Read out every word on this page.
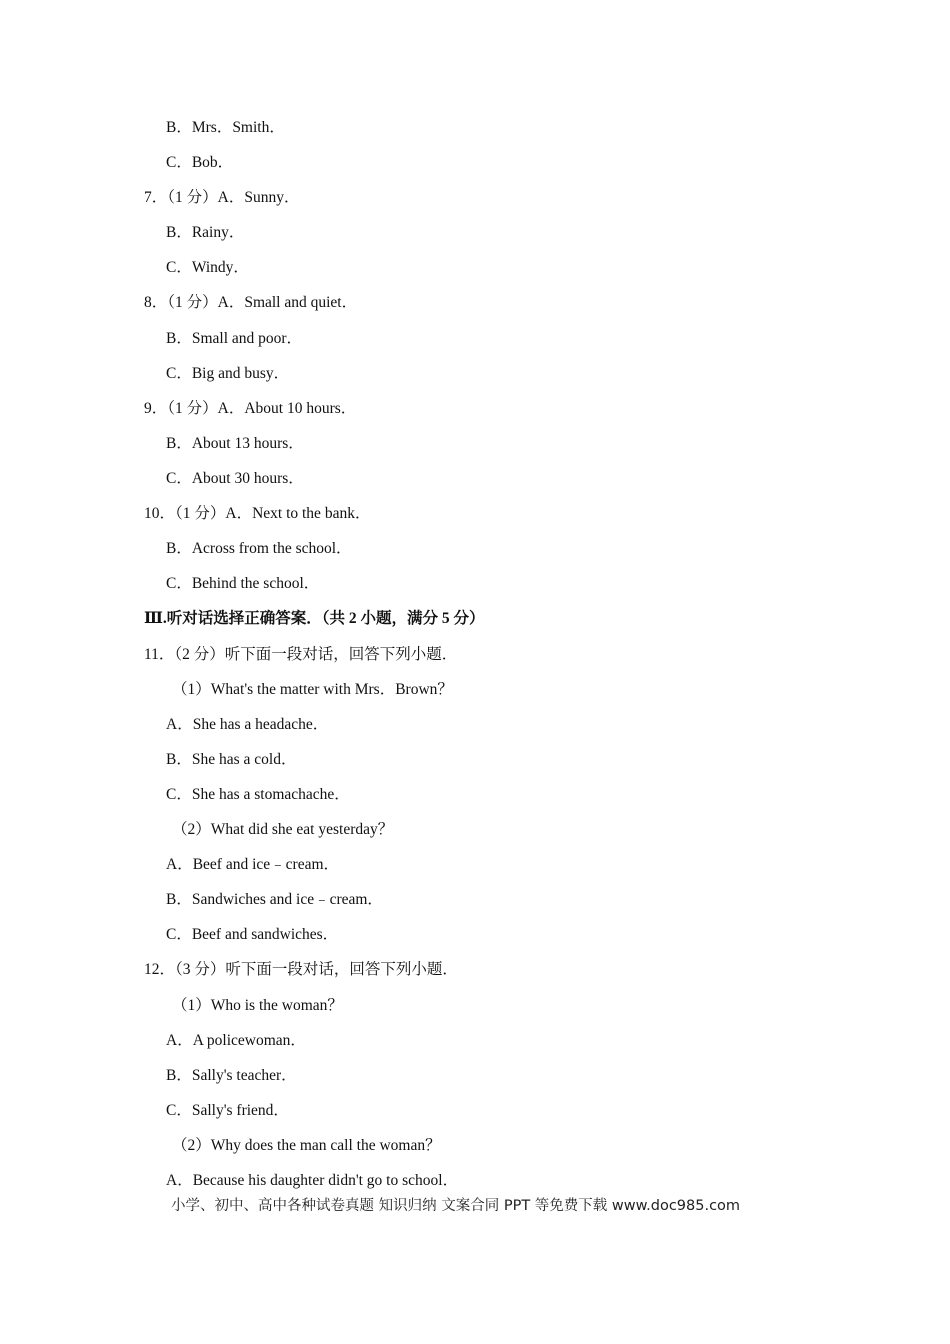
B．Mrs．Smith．
C．Bob．
7．（1 分）A．Sunny．
B．Rainy．
C．Windy．
8．（1 分）A．Small and quiet．
B．Small and poor．
C．Big and busy．
9．（1 分）A．About 10 hours．
B．About 13 hours．
C．About 30 hours．
10．（1 分）A．Next to the bank．
B．Across from the school．
C．Behind the school．
Ⅲ.听对话选择正确答案．（共 2 小题，满分 5 分）
11．（2 分）听下面一段对话，回答下列小题．
（1）What's the matter with Mrs．Brown？
A．She has a headache．
B．She has a cold．
C．She has a stomachache．
（2）What did she eat yesterday？
A．Beef and ice﹣cream．
B．Sandwiches and ice﹣cream．
C．Beef and sandwiches．
12．（3 分）听下面一段对话，回答下列小题．
（1）Who is the woman？
A．A policewoman．
B．Sally's teacher．
C．Sally's friend．
（2）Why does the man call the woman？
A．Because his daughter didn't go to school．
小学、初中、高中各种试卷真题 知识归纳 文案合同 PPT 等免费下载 www.doc985.com
